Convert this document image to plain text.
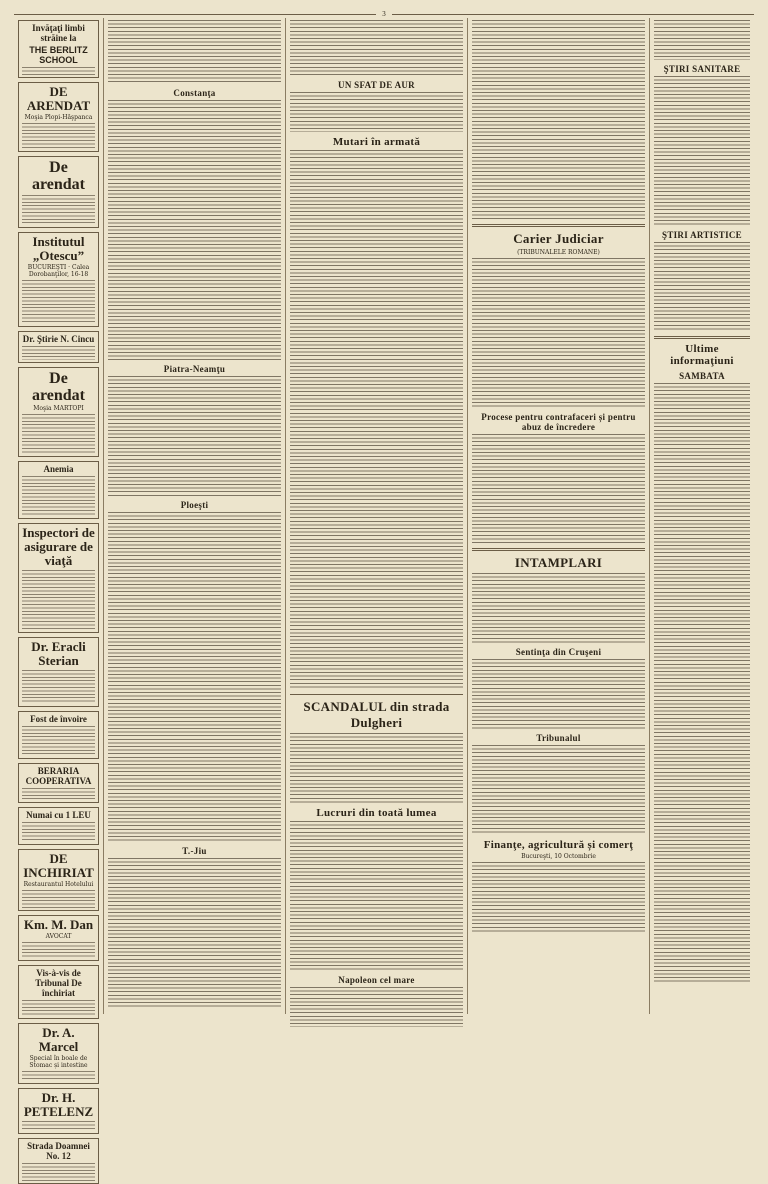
3
Invăţaţi limbi străine la
THE BERLITZ SCHOOL
DE ARENDAT
Moşia Plopi-Hăşpanca
De arendat
Institutul „Otescu”
BUCUREŞTI · Calea Dorobanţilor, 16-18
Dr. Ştirie N. Cincu
De arendat
Moşia MARTOPI
Anemia
Inspectori de asigurare de viaţă
Dr. Eracli Sterian
Fost de învoire
BERARIA COOPERATIVA
Numai cu 1 LEU
DE INCHIRIAT
Restaurantul Hotelului
Km. M. Dan
AVOCAT
Vis-à-vis de Tribunal De închiriat
Dr. A. Marcel
Special în boale de Stomac și intestine
Dr. H. PETELENZ
Strada Doamnei No. 12
Constanţa
Piatra-Neamţu
Ploeşti
T.-Jiu
UN SFAT DE AUR
Mutari în armată
SCANDALUL din strada Dulgheri
Lucruri din toată lumea
Napoleon cel mare
Carier Judiciar
(TRIBUNALELE ROMANE)
Procese pentru contrafaceri și pentru abuz de încredere
INTAMPLARI
Sentinţa din Cruşeni
Tribunalul
Finanţe, agricultură și comerţ
Bucureşti, 10 Octombrie
ŞTIRI SANITARE
ŞTIRI ARTISTICE
Ultime informaţiuni
SAMBATA
